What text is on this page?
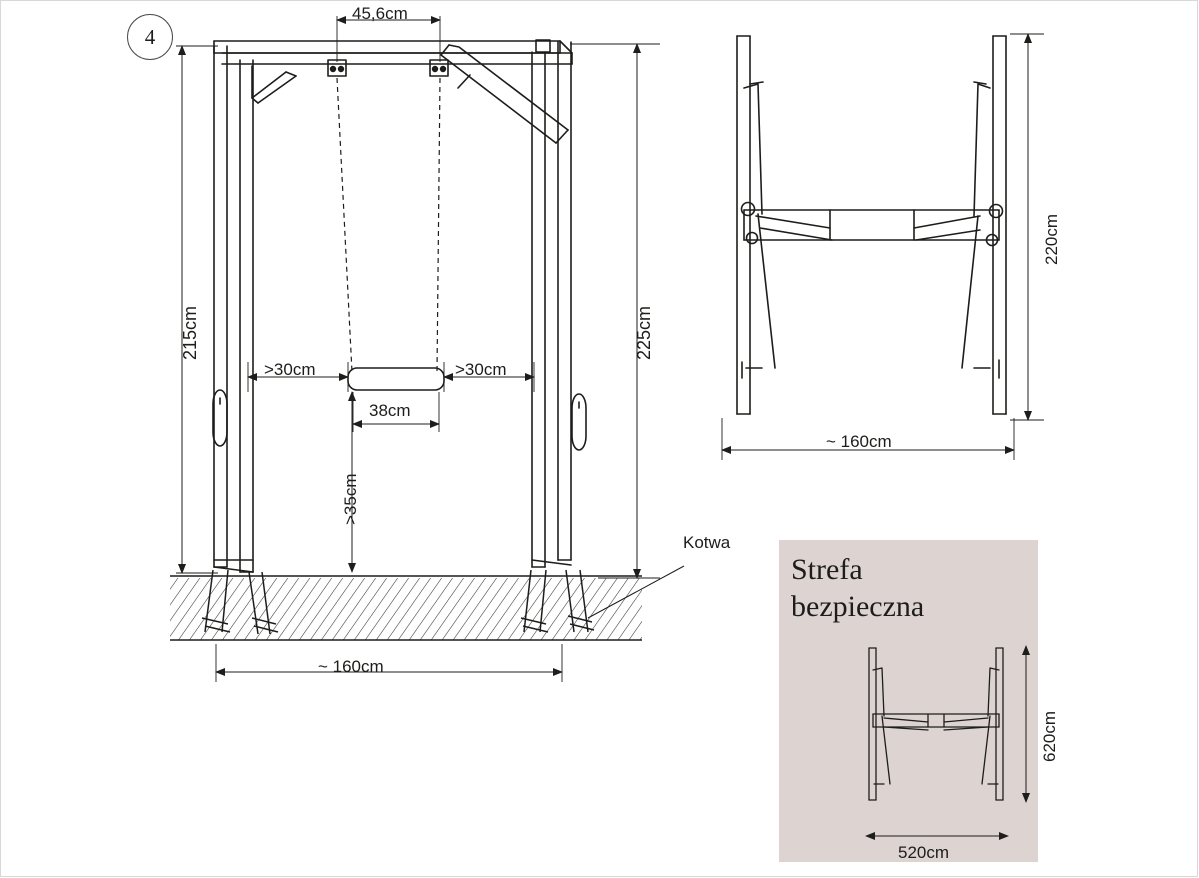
4
Strefa
bezpieczna
45,6cm
215cm	225cm
>30cm	>30cm
38cm
>35cm
~ 160cm
Kotwa
220cm
~ 160cm
620cm
520cm
